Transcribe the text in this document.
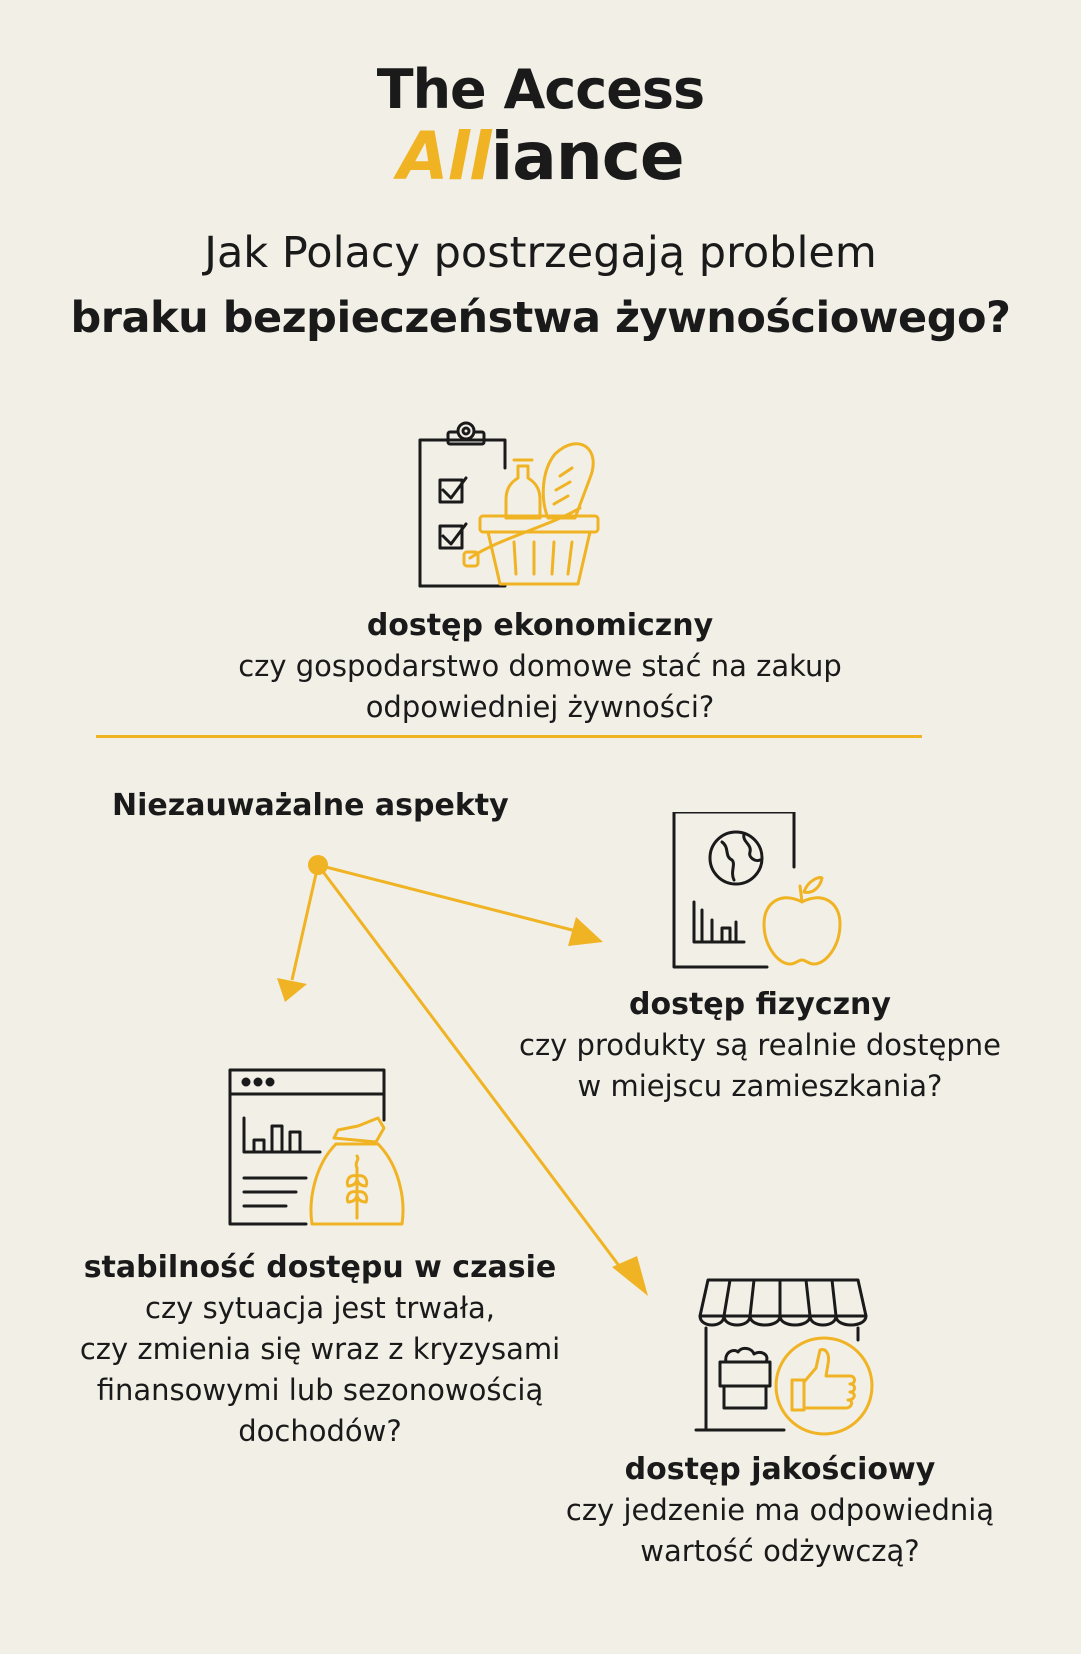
The Access
Alliance
Jak Polacy postrzegają problem
braku bezpieczeństwa żywnościowego?
dostęp ekonomiczny
czy gospodarstwo domowe stać na zakup
odpowiedniej żywności?
Niezauważalne aspekty
dostęp fizyczny
czy produkty są realnie dostępne
w miejscu zamieszkania?
stabilność dostępu w czasie
czy sytuacja jest trwała,
czy zmienia się wraz z kryzysami
finansowymi lub sezonowością
dochodów?
dostęp jakościowy
czy jedzenie ma odpowiednią
wartość odżywczą?
